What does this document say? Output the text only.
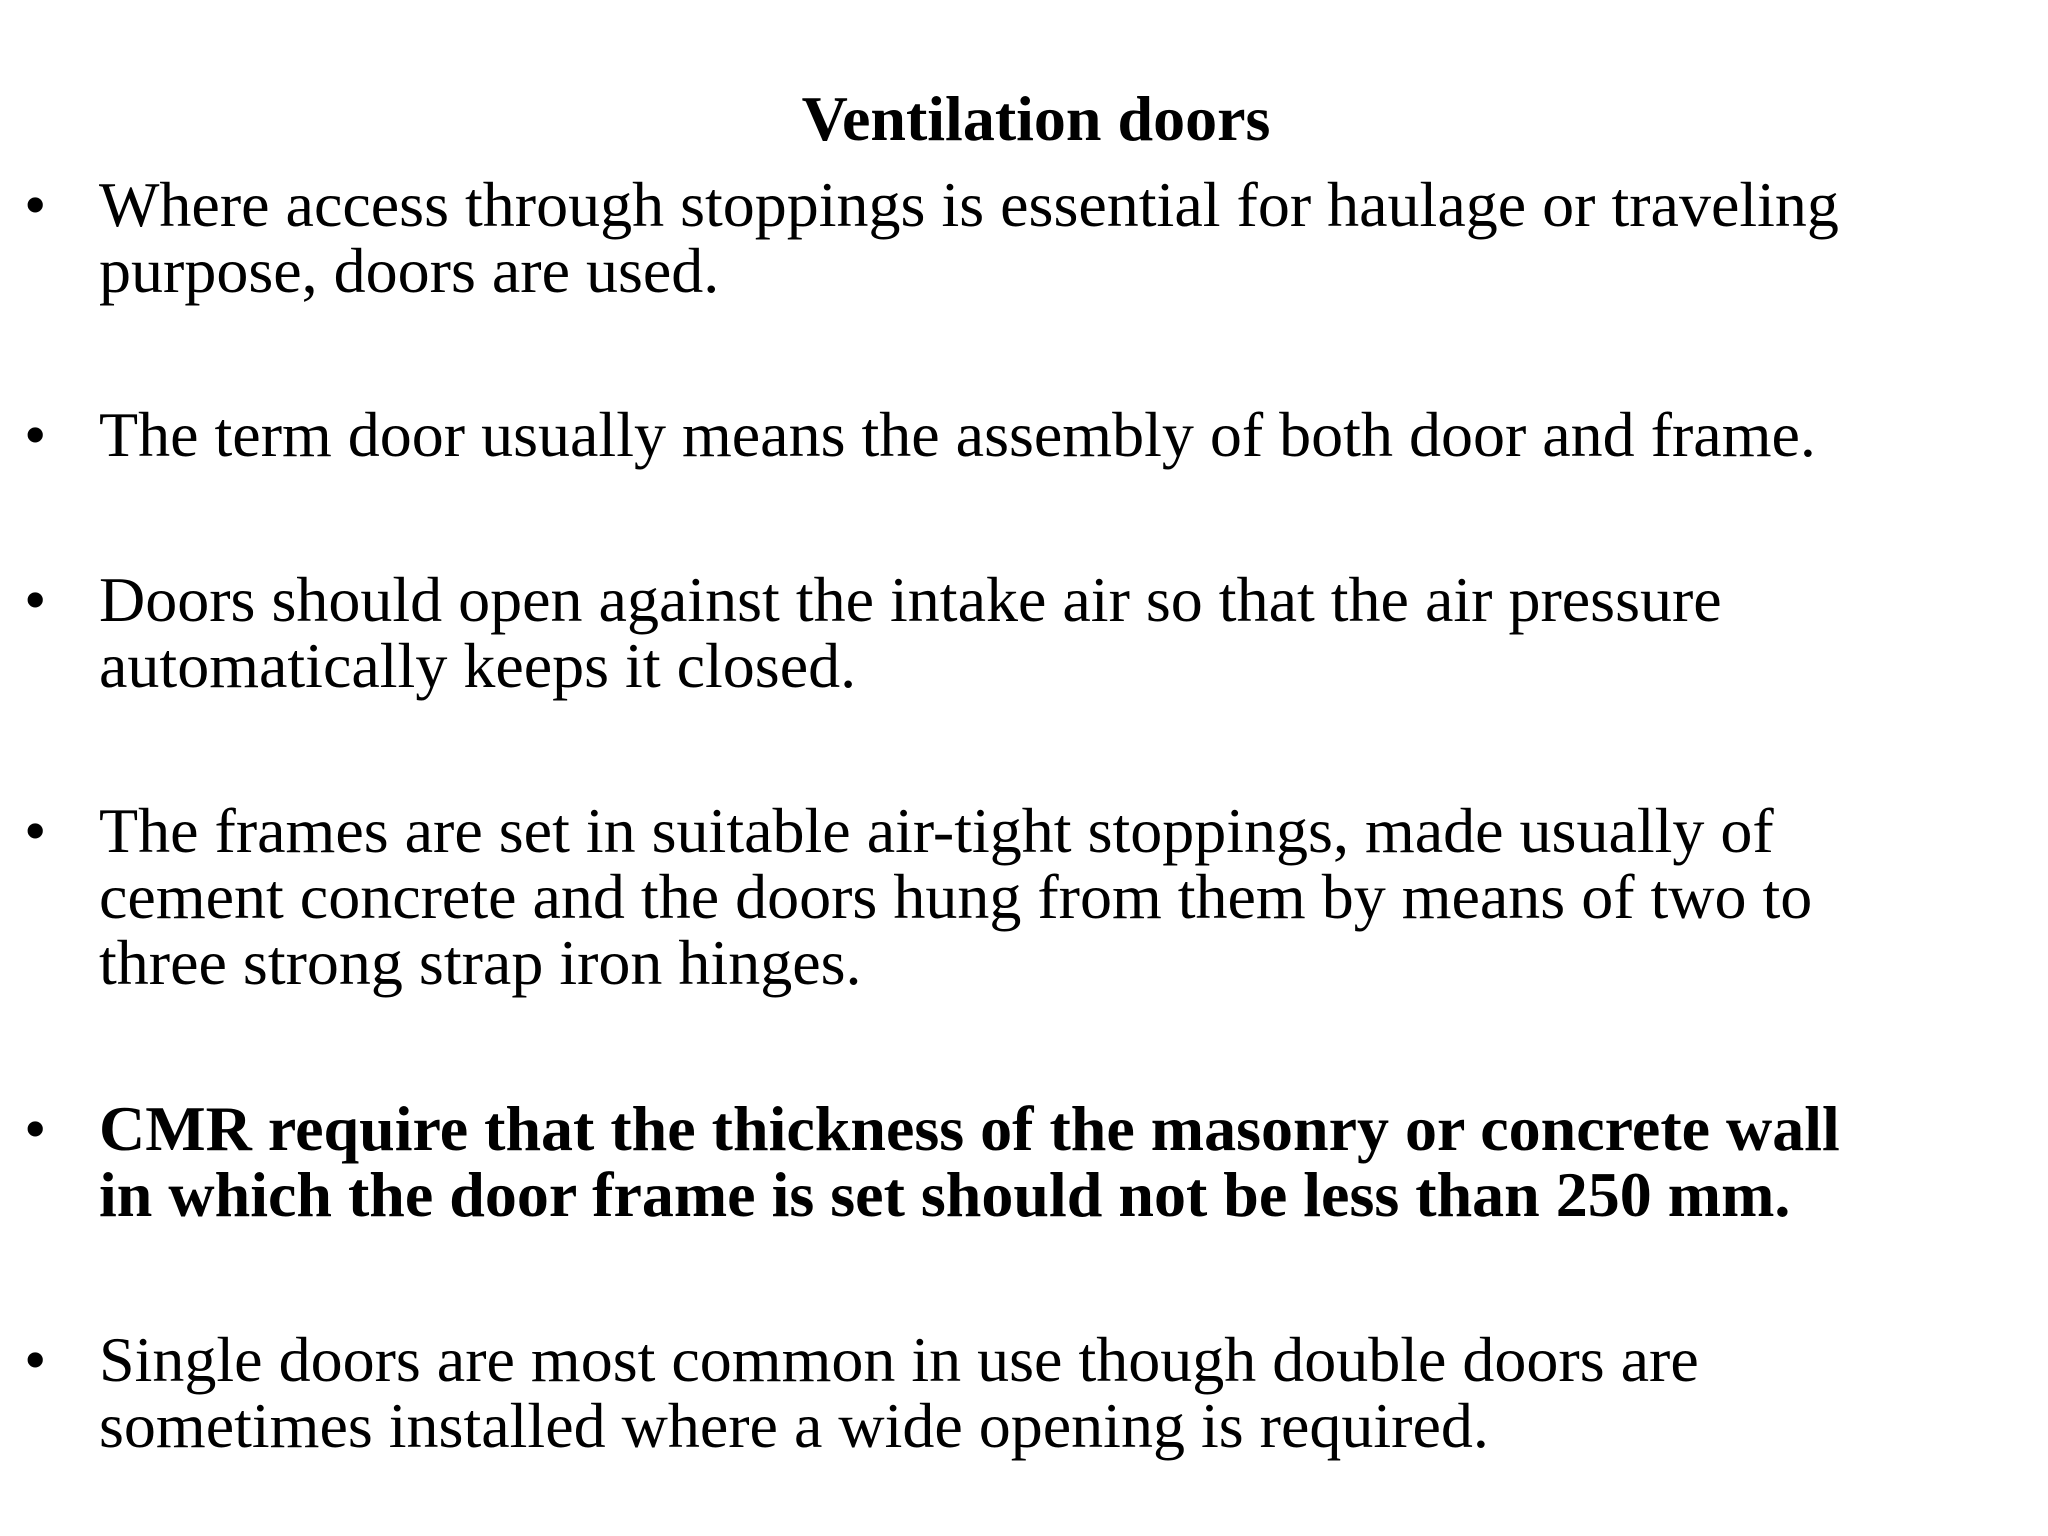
Ventilation doors
• Where access through stoppings is essential for haulage or traveling
purpose, doors are used.
• The term door usually means the assembly of both door and frame.
• Doors should open against the intake air so that the air pressure
automatically keeps it closed.
• The frames are set in suitable air-tight stoppings, made usually of
cement concrete and the doors hung from them by means of two to
three strong strap iron hinges.
• CMR require that the thickness of the masonry or concrete wall
in which the door frame is set should not be less than 250 mm.
• Single doors are most common in use though double doors are
sometimes installed where a wide opening is required.
